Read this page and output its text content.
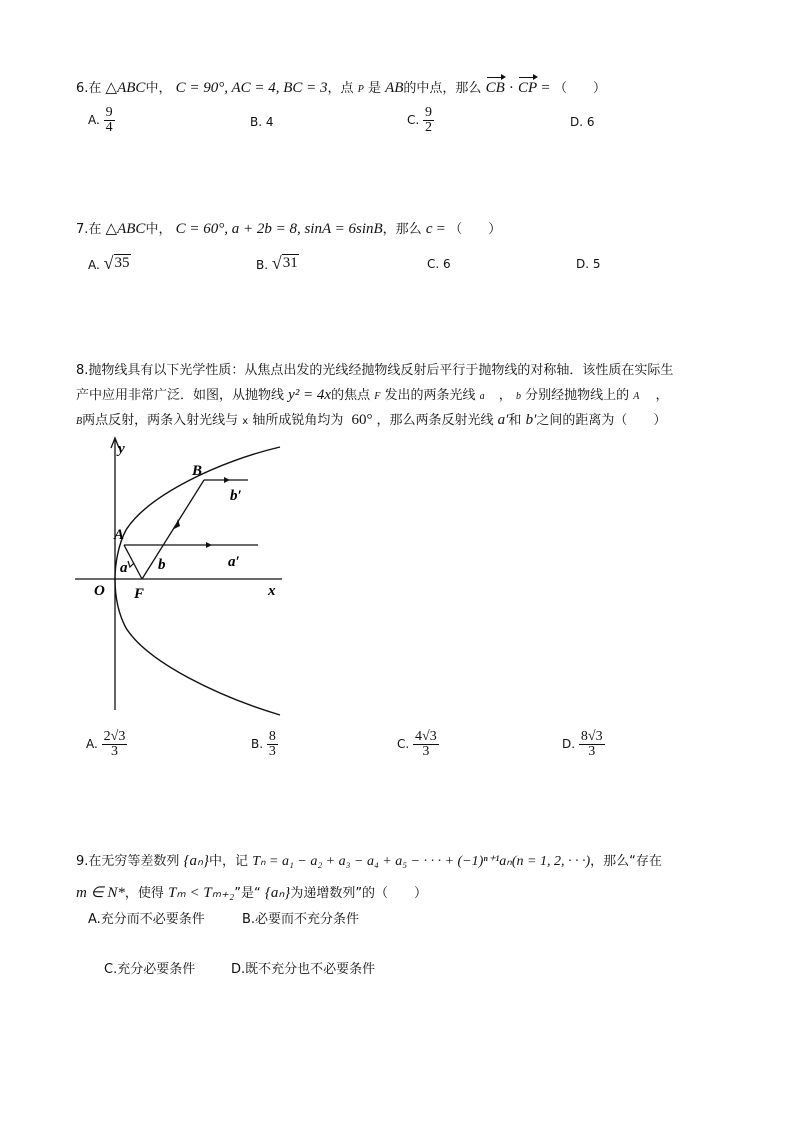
6.在 △ABC中， C = 90°, AC = 4, BC = 3，点 P 是 AB的中点，那么 CB · CP = （　　）
A. $\frac{9}{4}$	B. 4	C. $\frac{9}{2}$	D. 6
7.在 △ABC中， C = 60°, a + 2b = 8, sinA = 6sinB，那么 c = （　　）
A. √ 35	B. √ 31	C. 6	D. 5
8.抛物线具有以下光学性质：从焦点出发的光线经抛物线反射后平行于抛物线的对称轴．该性质在实际生
产中应用非常广泛．如图，从抛物线 y² = 4x的焦点 F 发出的两条光线 a ， b 分别经抛物线上的 A ，
B两点反射，两条入射光线与 x 轴所成锐角均为 60° ，那么两条反射光线 a′和 b′之间的距离为（　　）
y
x
O F
A
B
a b	a′
b′
A. $\frac{2√3}{3}$	B. $\frac{8}{3}$	C. $\frac{4√3}{3}$	D. $\frac{8√3}{3}$
9.在无穷等差数列 {aₙ}中，记 Tₙ = a₁ − a₂ + a₃ − a₄ + a₅ − · · · + (−1)ⁿ⁺¹aₙ(n = 1, 2, · · ·)，那么“存在
m ∈ N*，使得 Tₘ < Tₘ₊₂”是“ {aₙ}为递增数列”的（　　）
A.充分而不必要条件	B.必要而不充分条件
C.充分必要条件	D.既不充分也不必要条件
